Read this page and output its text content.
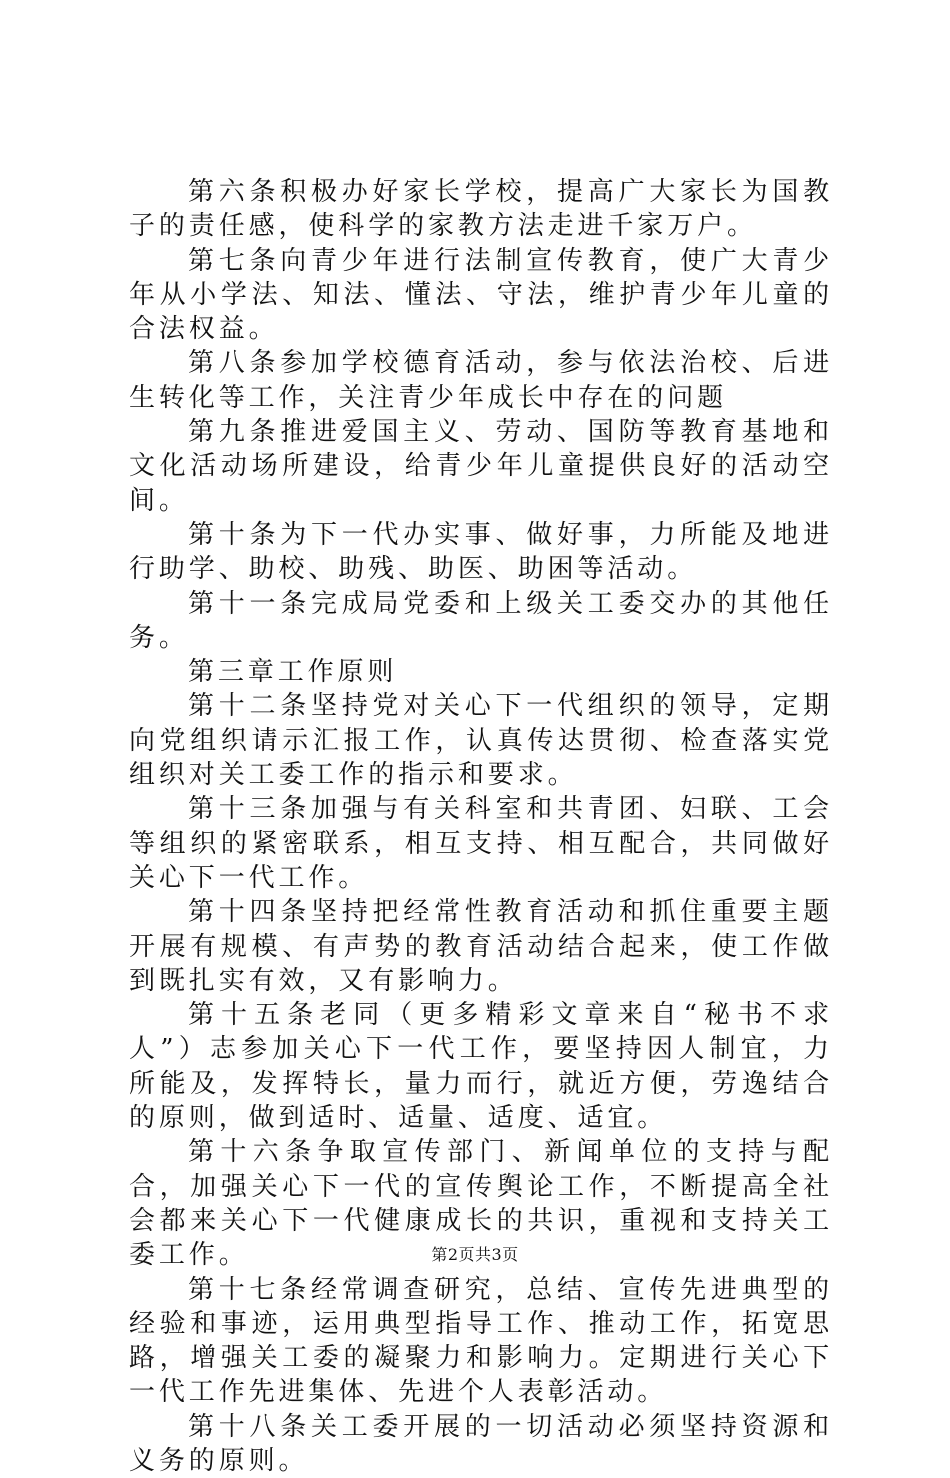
第六条积极办好家长学校，提高广大家长为国教子的责任感，使科学的家教方法走进千家万户。

第七条向青少年进行法制宣传教育，使广大青少年从小学法、知法、懂法、守法，维护青少年儿童的合法权益。

第八条参加学校德育活动，参与依法治校、后进生转化等工作，关注青少年成长中存在的问题

第九条推进爱国主义、劳动、国防等教育基地和文化活动场所建设，给青少年儿童提供良好的活动空间。

第十条为下一代办实事、做好事，力所能及地进行助学、助校、助残、助医、助困等活动。

第十一条完成局党委和上级关工委交办的其他任务。

第三章工作原则

第十二条坚持党对关心下一代组织的领导，定期向党组织请示汇报工作，认真传达贯彻、检查落实党组织对关工委工作的指示和要求。

第十三条加强与有关科室和共青团、妇联、工会等组织的紧密联系，相互支持、相互配合，共同做好关心下一代工作。

第十四条坚持把经常性教育活动和抓住重要主题开展有规模、有声势的教育活动结合起来，使工作做到既扎实有效，又有影响力。

第十五条老同（更多精彩文章来自“秘书不求人”）志参加关心下一代工作，要坚持因人制宜，力所能及，发挥特长，量力而行，就近方便，劳逸结合的原则，做到适时、适量、适度、适宜。

第十六条争取宣传部门、新闻单位的支持与配合，加强关心下一代的宣传舆论工作，不断提高全社会都来关心下一代健康成长的共识，重视和支持关工委工作。

第十七条经常调查研究，总结、宣传先进典型的经验和事迹，运用典型指导工作、推动工作，拓宽思路，增强关工委的凝聚力和影响力。定期进行关心下一代工作先进集体、先进个人表彰活动。

第十八条关工委开展的一切活动必须坚持资源和义务的原则。

第2页共3页
